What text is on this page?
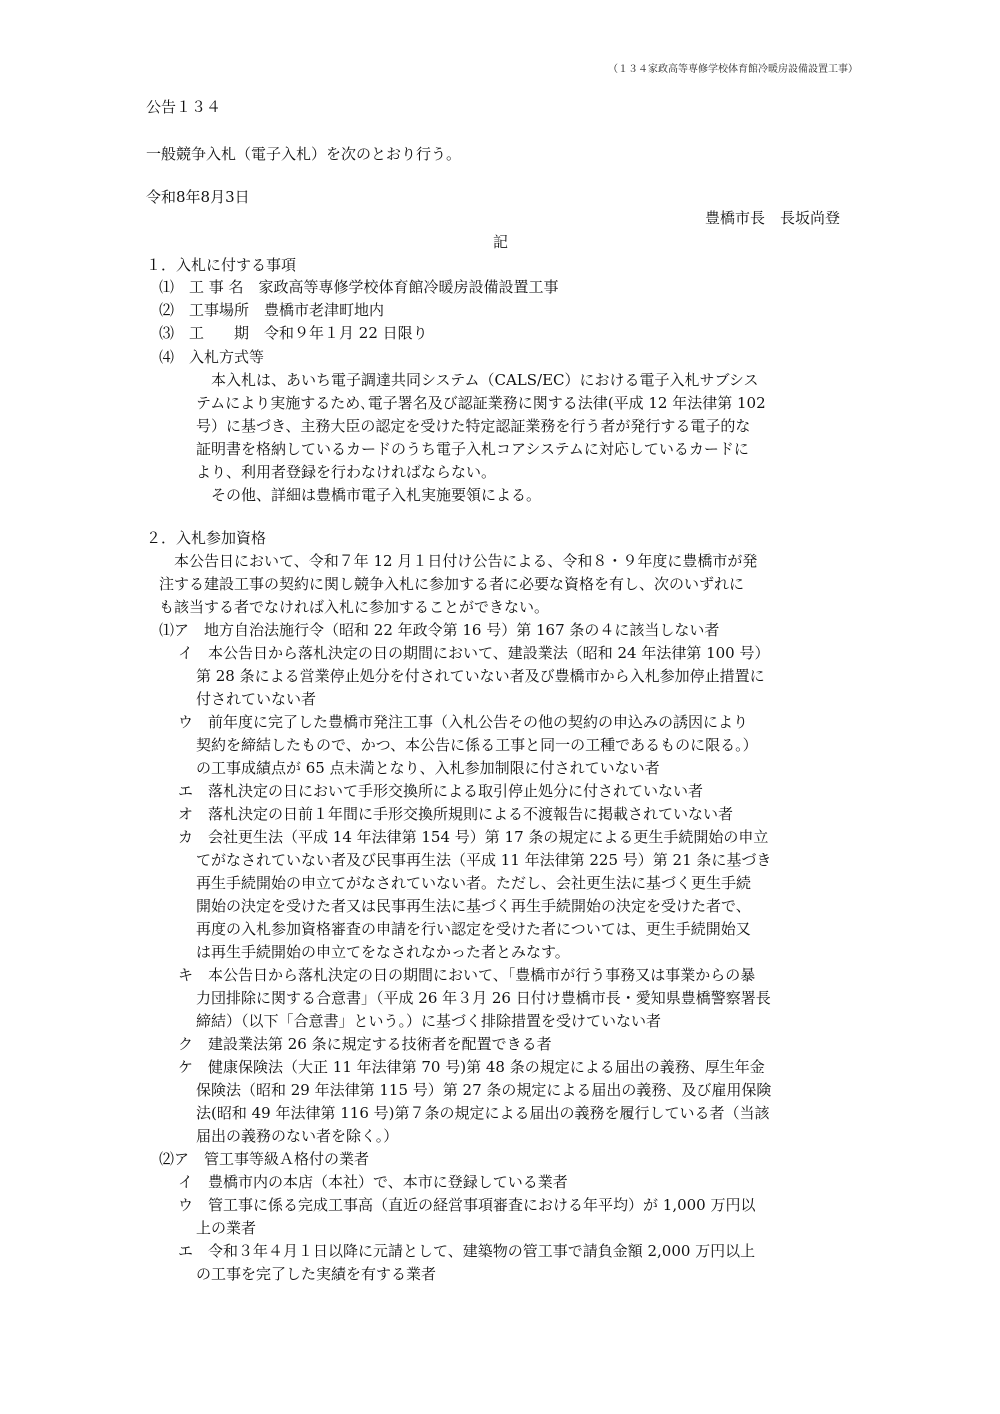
（１３４家政高等専修学校体育館冷暖房設備設置工事）
公告１３４
一般競争入札（電子入札）を次のとおり行う。
令和8年8月3日
豊橋市長　長坂尚登
記
１．入札に付する事項
⑴　工 事 名　家政高等専修学校体育館冷暖房設備設置工事
⑵　工事場所　豊橋市老津町地内
⑶　工　　期　令和９年１月 22 日限り
⑷　入札方式等
　本入札は、あいち電子調達共同システム（CALS/EC）における電子入札サブシス
テムにより実施するため､電子署名及び認証業務に関する法律(平成 12 年法律第 102
号）に基づき、主務大臣の認定を受けた特定認証業務を行う者が発行する電子的な
証明書を格納しているカードのうち電子入札コアシステムに対応しているカードに
より、利用者登録を行わなければならない。
　その他、詳細は豊橋市電子入札実施要領による。
２．入札参加資格
　本公告日において、令和７年 12 月１日付け公告による、令和８・９年度に豊橋市が発
注する建設工事の契約に関し競争入札に参加する者に必要な資格を有し、次のいずれに
も該当する者でなければ入札に参加することができない。
⑴ア　地方自治法施行令（昭和 22 年政令第 16 号）第 167 条の４に該当しない者
イ　本公告日から落札決定の日の期間において、建設業法（昭和 24 年法律第 100 号）
第 28 条による営業停止処分を付されていない者及び豊橋市から入札参加停止措置に
付されていない者
ウ　前年度に完了した豊橋市発注工事（入札公告その他の契約の申込みの誘因により
契約を締結したもので、かつ、本公告に係る工事と同一の工種であるものに限る。）
の工事成績点が 65 点未満となり、入札参加制限に付されていない者
エ　落札決定の日において手形交換所による取引停止処分に付されていない者
オ　落札決定の日前１年間に手形交換所規則による不渡報告に掲載されていない者
カ　会社更生法（平成 14 年法律第 154 号）第 17 条の規定による更生手続開始の申立
てがなされていない者及び民事再生法（平成 11 年法律第 225 号）第 21 条に基づき
再生手続開始の申立てがなされていない者。ただし、会社更生法に基づく更生手続
開始の決定を受けた者又は民事再生法に基づく再生手続開始の決定を受けた者で、
再度の入札参加資格審査の申請を行い認定を受けた者については、更生手続開始又
は再生手続開始の申立てをなされなかった者とみなす。
キ　本公告日から落札決定の日の期間において、「豊橋市が行う事務又は事業からの暴
力団排除に関する合意書」（平成 26 年３月 26 日付け豊橋市長・愛知県豊橋警察署長
締結）（以下「合意書」という。）に基づく排除措置を受けていない者
ク　建設業法第 26 条に規定する技術者を配置できる者
ケ　健康保険法（大正 11 年法律第 70 号)第 48 条の規定による届出の義務、厚生年金
保険法（昭和 29 年法律第 115 号）第 27 条の規定による届出の義務、及び雇用保険
法(昭和 49 年法律第 116 号)第７条の規定による届出の義務を履行している者（当該
届出の義務のない者を除く。）
⑵ア　管工事等級Ａ格付の業者
イ　豊橋市内の本店（本社）で、本市に登録している業者
ウ　管工事に係る完成工事高（直近の経営事項審査における年平均）が 1,000 万円以
上の業者
エ　令和３年４月１日以降に元請として、建築物の管工事で請負金額 2,000 万円以上
の工事を完了した実績を有する業者
